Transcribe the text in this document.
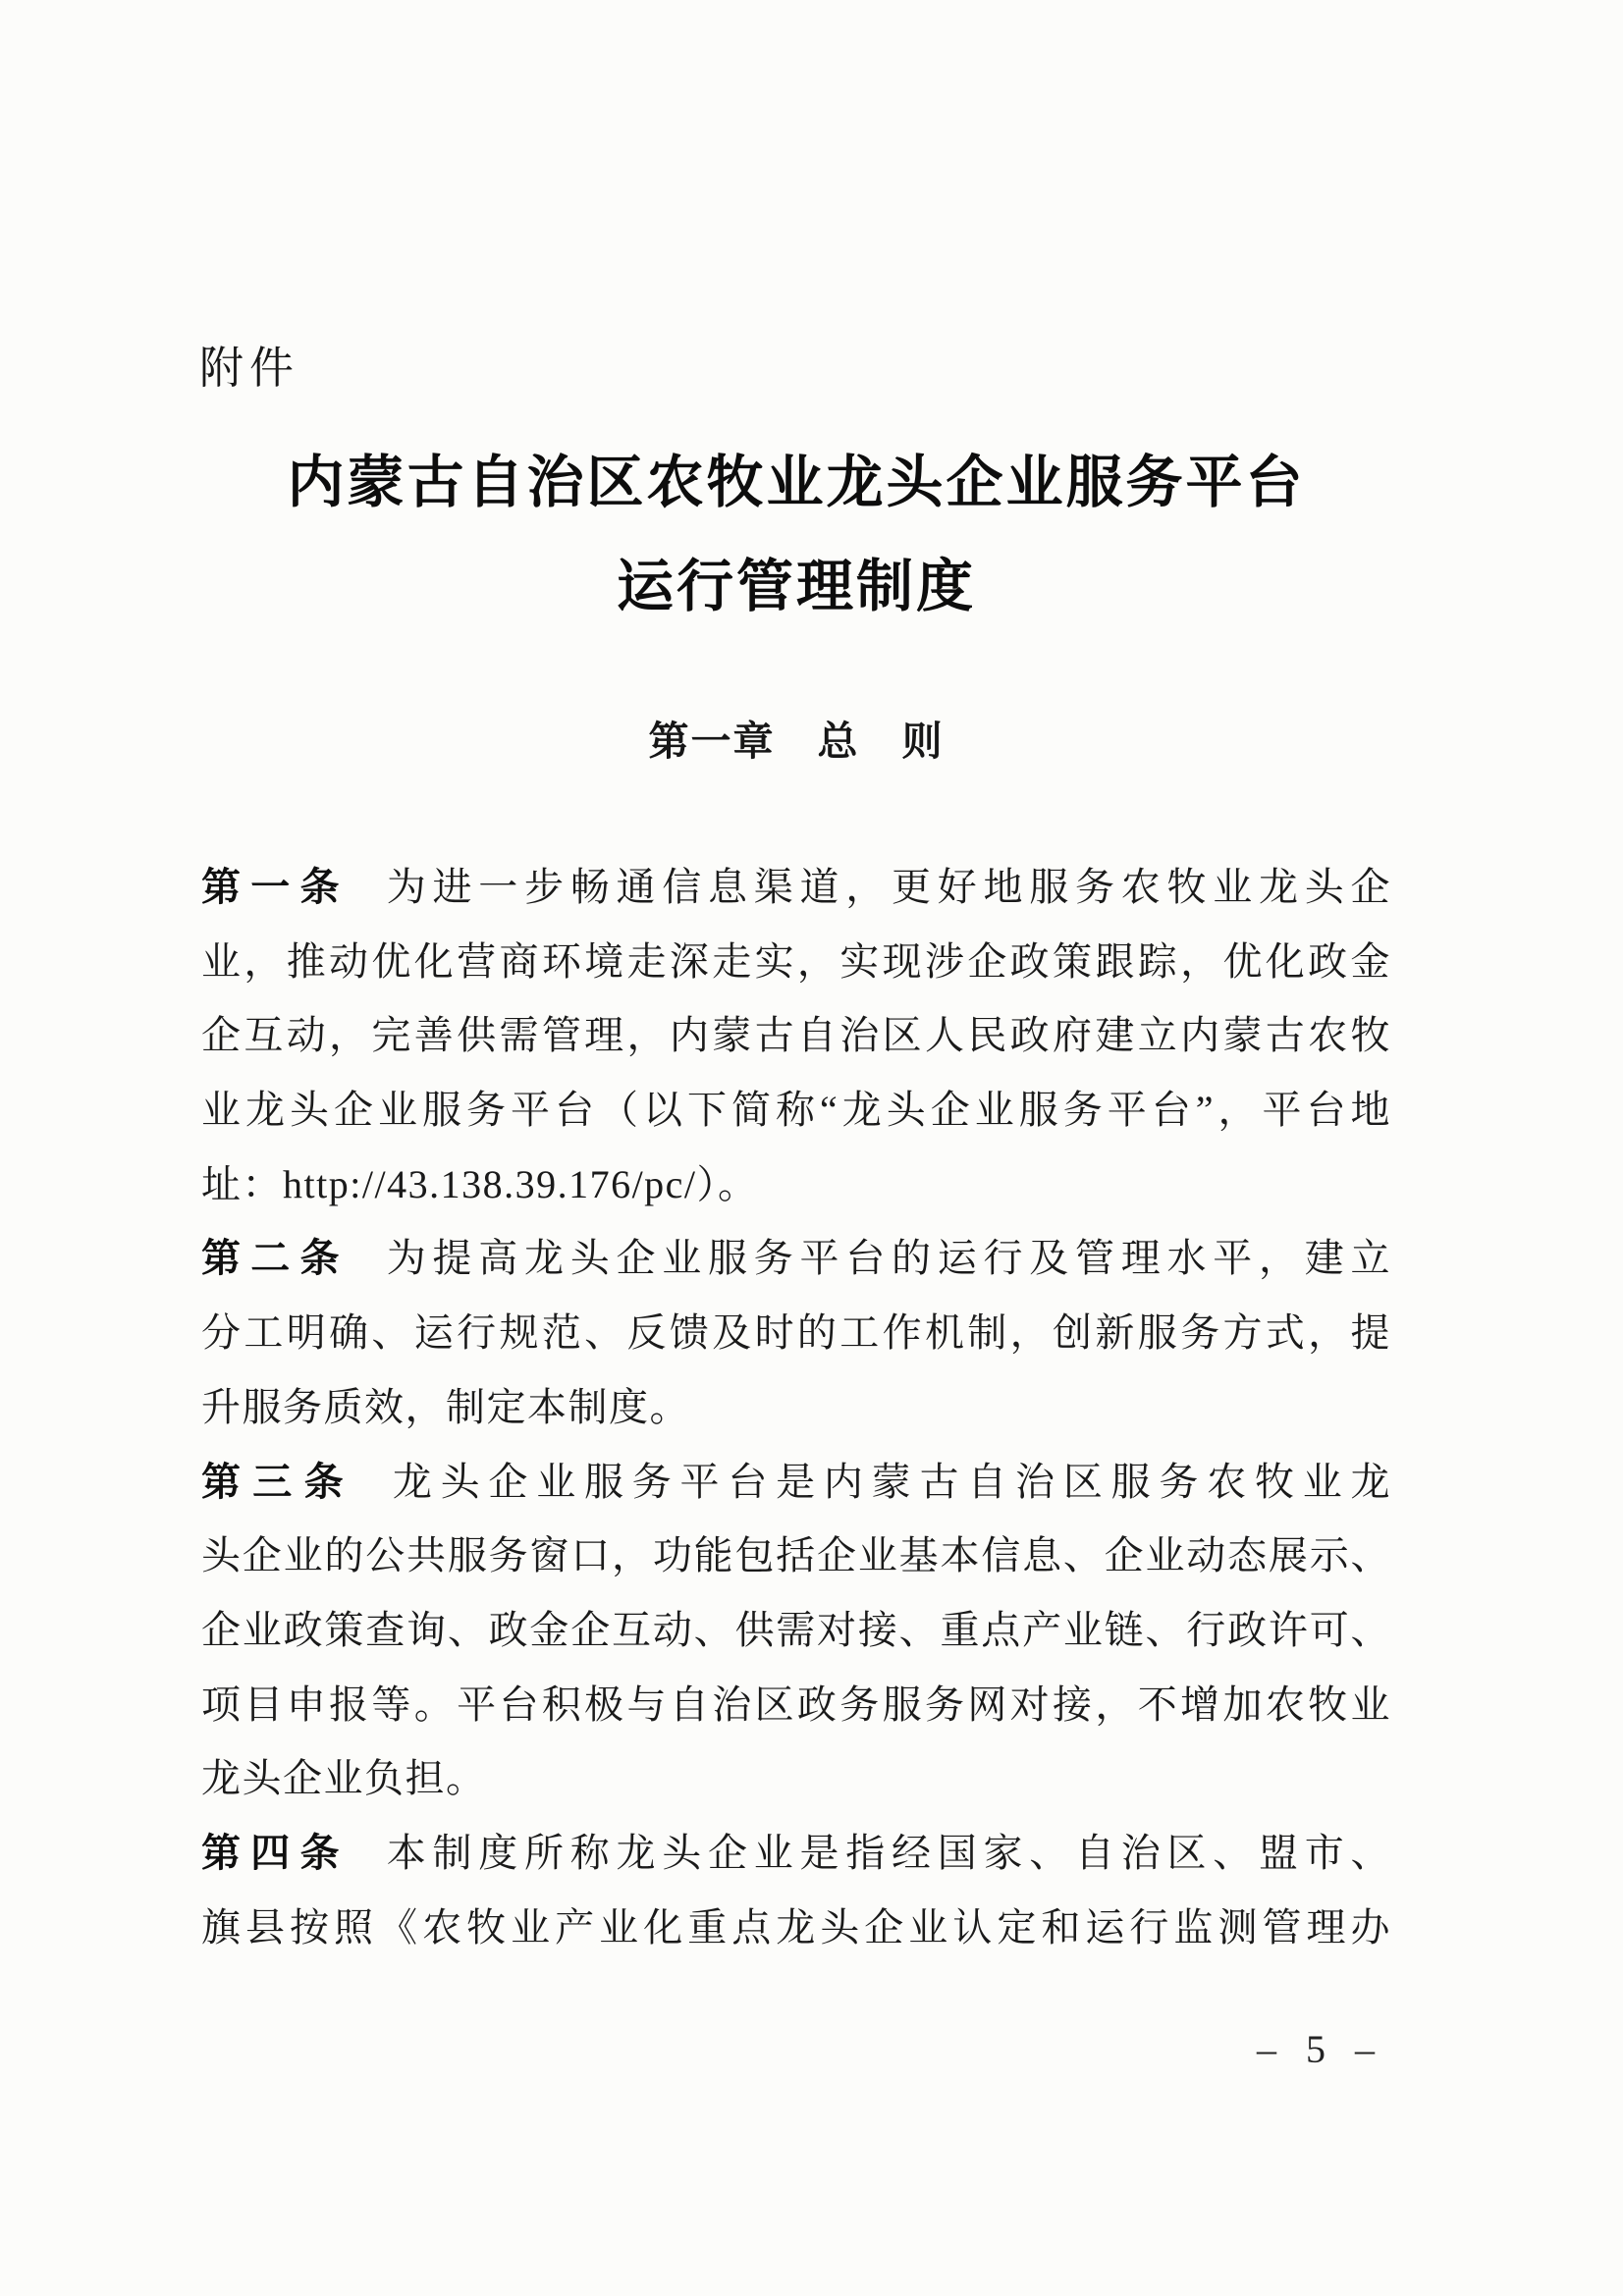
附件
内蒙古自治区农牧业龙头企业服务平台
运行管理制度
第一章　总　则
第一条 为进一步畅通信息渠道，更好地服务农牧业龙头企
业，推动优化营商环境走深走实，实现涉企政策跟踪，优化政金
企互动，完善供需管理，内蒙古自治区人民政府建立内蒙古农牧
业龙头企业服务平台（以下简称“龙头企业服务平台”，平台地
址：http://43.138.39.176/pc/）。
第二条 为提高龙头企业服务平台的运行及管理水平，建立
分工明确、运行规范、反馈及时的工作机制，创新服务方式，提
升服务质效，制定本制度。
第三条 龙头企业服务平台是内蒙古自治区服务农牧业龙
头企业的公共服务窗口，功能包括企业基本信息、企业动态展示、
企业政策查询、政金企互动、供需对接、重点产业链、行政许可、
项目申报等。平台积极与自治区政务服务网对接，不增加农牧业
龙头企业负担。
第四条 本制度所称龙头企业是指经国家、自治区、盟市、
旗县按照《农牧业产业化重点龙头企业认定和运行监测管理办
– 5 –
